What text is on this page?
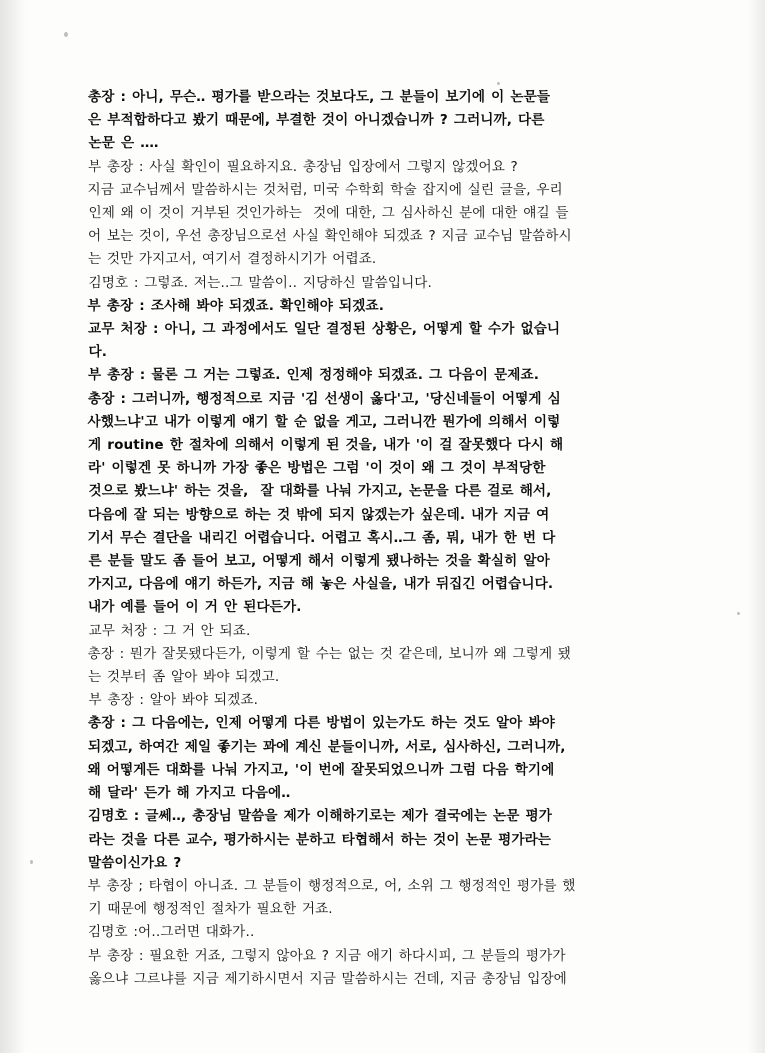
총장 : 아니, 무슨‥ 평가를 받으라는 것보다도, 그 분들이 보기에 이 논문들

은 부적합하다고 봤기 때문에, 부결한 것이 아니겠습니까 ? 그러니까, 다른

논문 은 ‥‥

부 총장 : 사실 확인이 필요하지요. 총장님 입장에서 그렇지 않겠어요 ?

지금 교수님께서 말씀하시는 것처럼, 미국 수학회 학술 잡지에 실린 글을, 우리

인제 왜 이 것이 거부된 것인가하는  것에 대한, 그 심사하신 분에 대한 얘길 들

어 보는 것이, 우선 총장님으로선 사실 확인해야 되겠죠 ? 지금 교수님 말씀하시

는 것만 가지고서, 여기서 결정하시기가 어렵죠.

김명호 : 그렇죠. 저는‥그 말씀이‥ 지당하신 말씀입니다.

부 총장 : 조사해 봐야 되겠죠. 확인해야 되겠죠.

교무 처장 : 아니, 그 과정에서도 일단 결정된 상황은, 어떻게 할 수가 없습니

다.

부 총장 : 물론 그 거는 그렇죠. 인제 정정해야 되겠죠. 그 다음이 문제죠.

총장 : 그러니까, 행정적으로 지금 '김 선생이 옳다'고, '당신네들이 어떻게 심

사했느냐'고 내가 이렇게 얘기 할 순 없을 게고, 그러니깐 뭔가에 의해서 이렇

게 routine 한 절차에 의해서 이렇게 된 것을, 내가 '이 걸 잘못했다 다시 해

라' 이렇겐 못 하니까 가장 좋은 방법은 그럼 '이 것이 왜 그 것이 부적당한

것으로 봤느냐' 하는 것을,  잘 대화를 나눠 가지고, 논문을 다른 걸로 해서,

다음에 잘 되는 방향으로 하는 것 밖에 되지 않겠는가 싶은데. 내가 지금 여

기서 무슨 결단을 내리긴 어렵습니다. 어렵고 혹시‥그 좀, 뭐, 내가 한 번 다

른 분들 말도 좀 들어 보고, 어떻게 해서 이렇게 됐나하는 것을 확실히 알아

가지고, 다음에 얘기 하든가, 지금 해 놓은 사실을, 내가 뒤집긴 어렵습니다.

내가 예를 들어 이 거 안 된다든가.

교무 처장 : 그 거 안 되죠.

총장 : 뭔가 잘못됐다든가, 이렇게 할 수는 없는 것 같은데, 보니까 왜 그렇게 됐

는 것부터 좀 알아 봐야 되겠고.

부 총장 : 알아 봐야 되겠죠.

총장 : 그 다음에는, 인제 어떻게 다른 방법이 있는가도 하는 것도 알아 봐야

되겠고, 하여간 제일 좋기는 꽈에 계신 분들이니까, 서로, 심사하신, 그러니까,

왜 어떻게든 대화를 나눠 가지고, '이 번에 잘못되었으니까 그럼 다음 학기에

해 달라' 든가 해 가지고 다음에‥

김명호 : 글쎄‥, 총장님 말씀을 제가 이해하기로는 제가 결국에는 논문 평가

라는 것을 다른 교수, 평가하시는 분하고 타협해서 하는 것이 논문 평가라는

말씀이신가요 ?

부 총장 ; 타협이 아니죠. 그 분들이 행정적으로, 어, 소위 그 행정적인 평가를 했

기 때문에 행정적인 절차가 필요한 거죠.

김명호 :어‥그러면 대화가‥

부 총장 : 필요한 거죠, 그렇지 않아요 ? 지금 애기 하다시피, 그 분들의 평가가

옳으냐 그르냐를 지금 제기하시면서 지금 말씀하시는 건데, 지금 총장님 입장에
